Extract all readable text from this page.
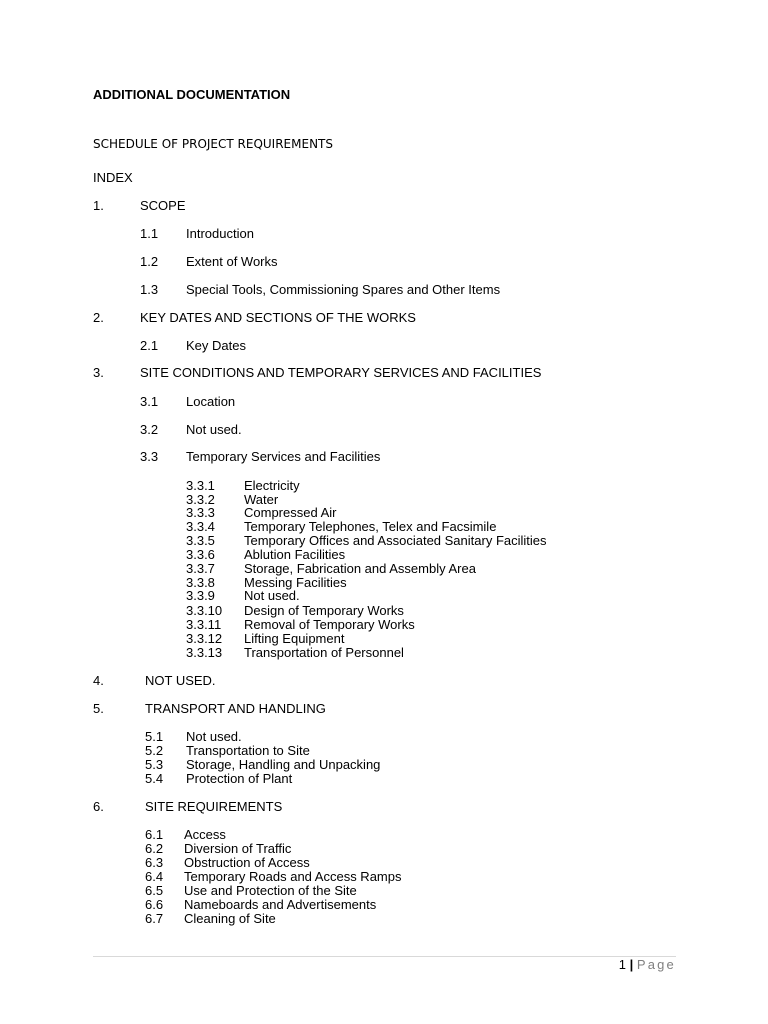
ADDITIONAL DOCUMENTATION
SCHEDULE OF PROJECT REQUIREMENTS
INDEX
1.	SCOPE
1.1 Introduction
1.2 Extent of Works
1.3 Special Tools, Commissioning Spares and Other Items
2.	KEY DATES AND SECTIONS OF THE WORKS
2.1 Key Dates
3.	SITE CONDITIONS AND TEMPORARY SERVICES AND FACILITIES
3.1 Location
3.2 Not used.
3.3 Temporary Services and Facilities
3.3.1 Electricity
3.3.2 Water
3.3.3 Compressed Air
3.3.4 Temporary Telephones, Telex and Facsimile
3.3.5 Temporary Offices and Associated Sanitary Facilities
3.3.6 Ablution Facilities
3.3.7 Storage, Fabrication and Assembly Area
3.3.8 Messing Facilities
3.3.9 Not used.
3.3.10 Design of Temporary Works
3.3.11 Removal of Temporary Works
3.3.12 Lifting Equipment
3.3.13 Transportation of Personnel
4.	NOT USED.
5.	TRANSPORT AND HANDLING
5.1 Not used.
5.2 Transportation to Site
5.3 Storage, Handling and Unpacking
5.4 Protection of Plant
6.	SITE REQUIREMENTS
6.1 Access
6.2 Diversion of Traffic
6.3 Obstruction of Access
6.4 Temporary Roads and Access Ramps
6.5 Use and Protection of the Site
6.6 Nameboards and Advertisements
6.7 Cleaning of Site
1 | Page
